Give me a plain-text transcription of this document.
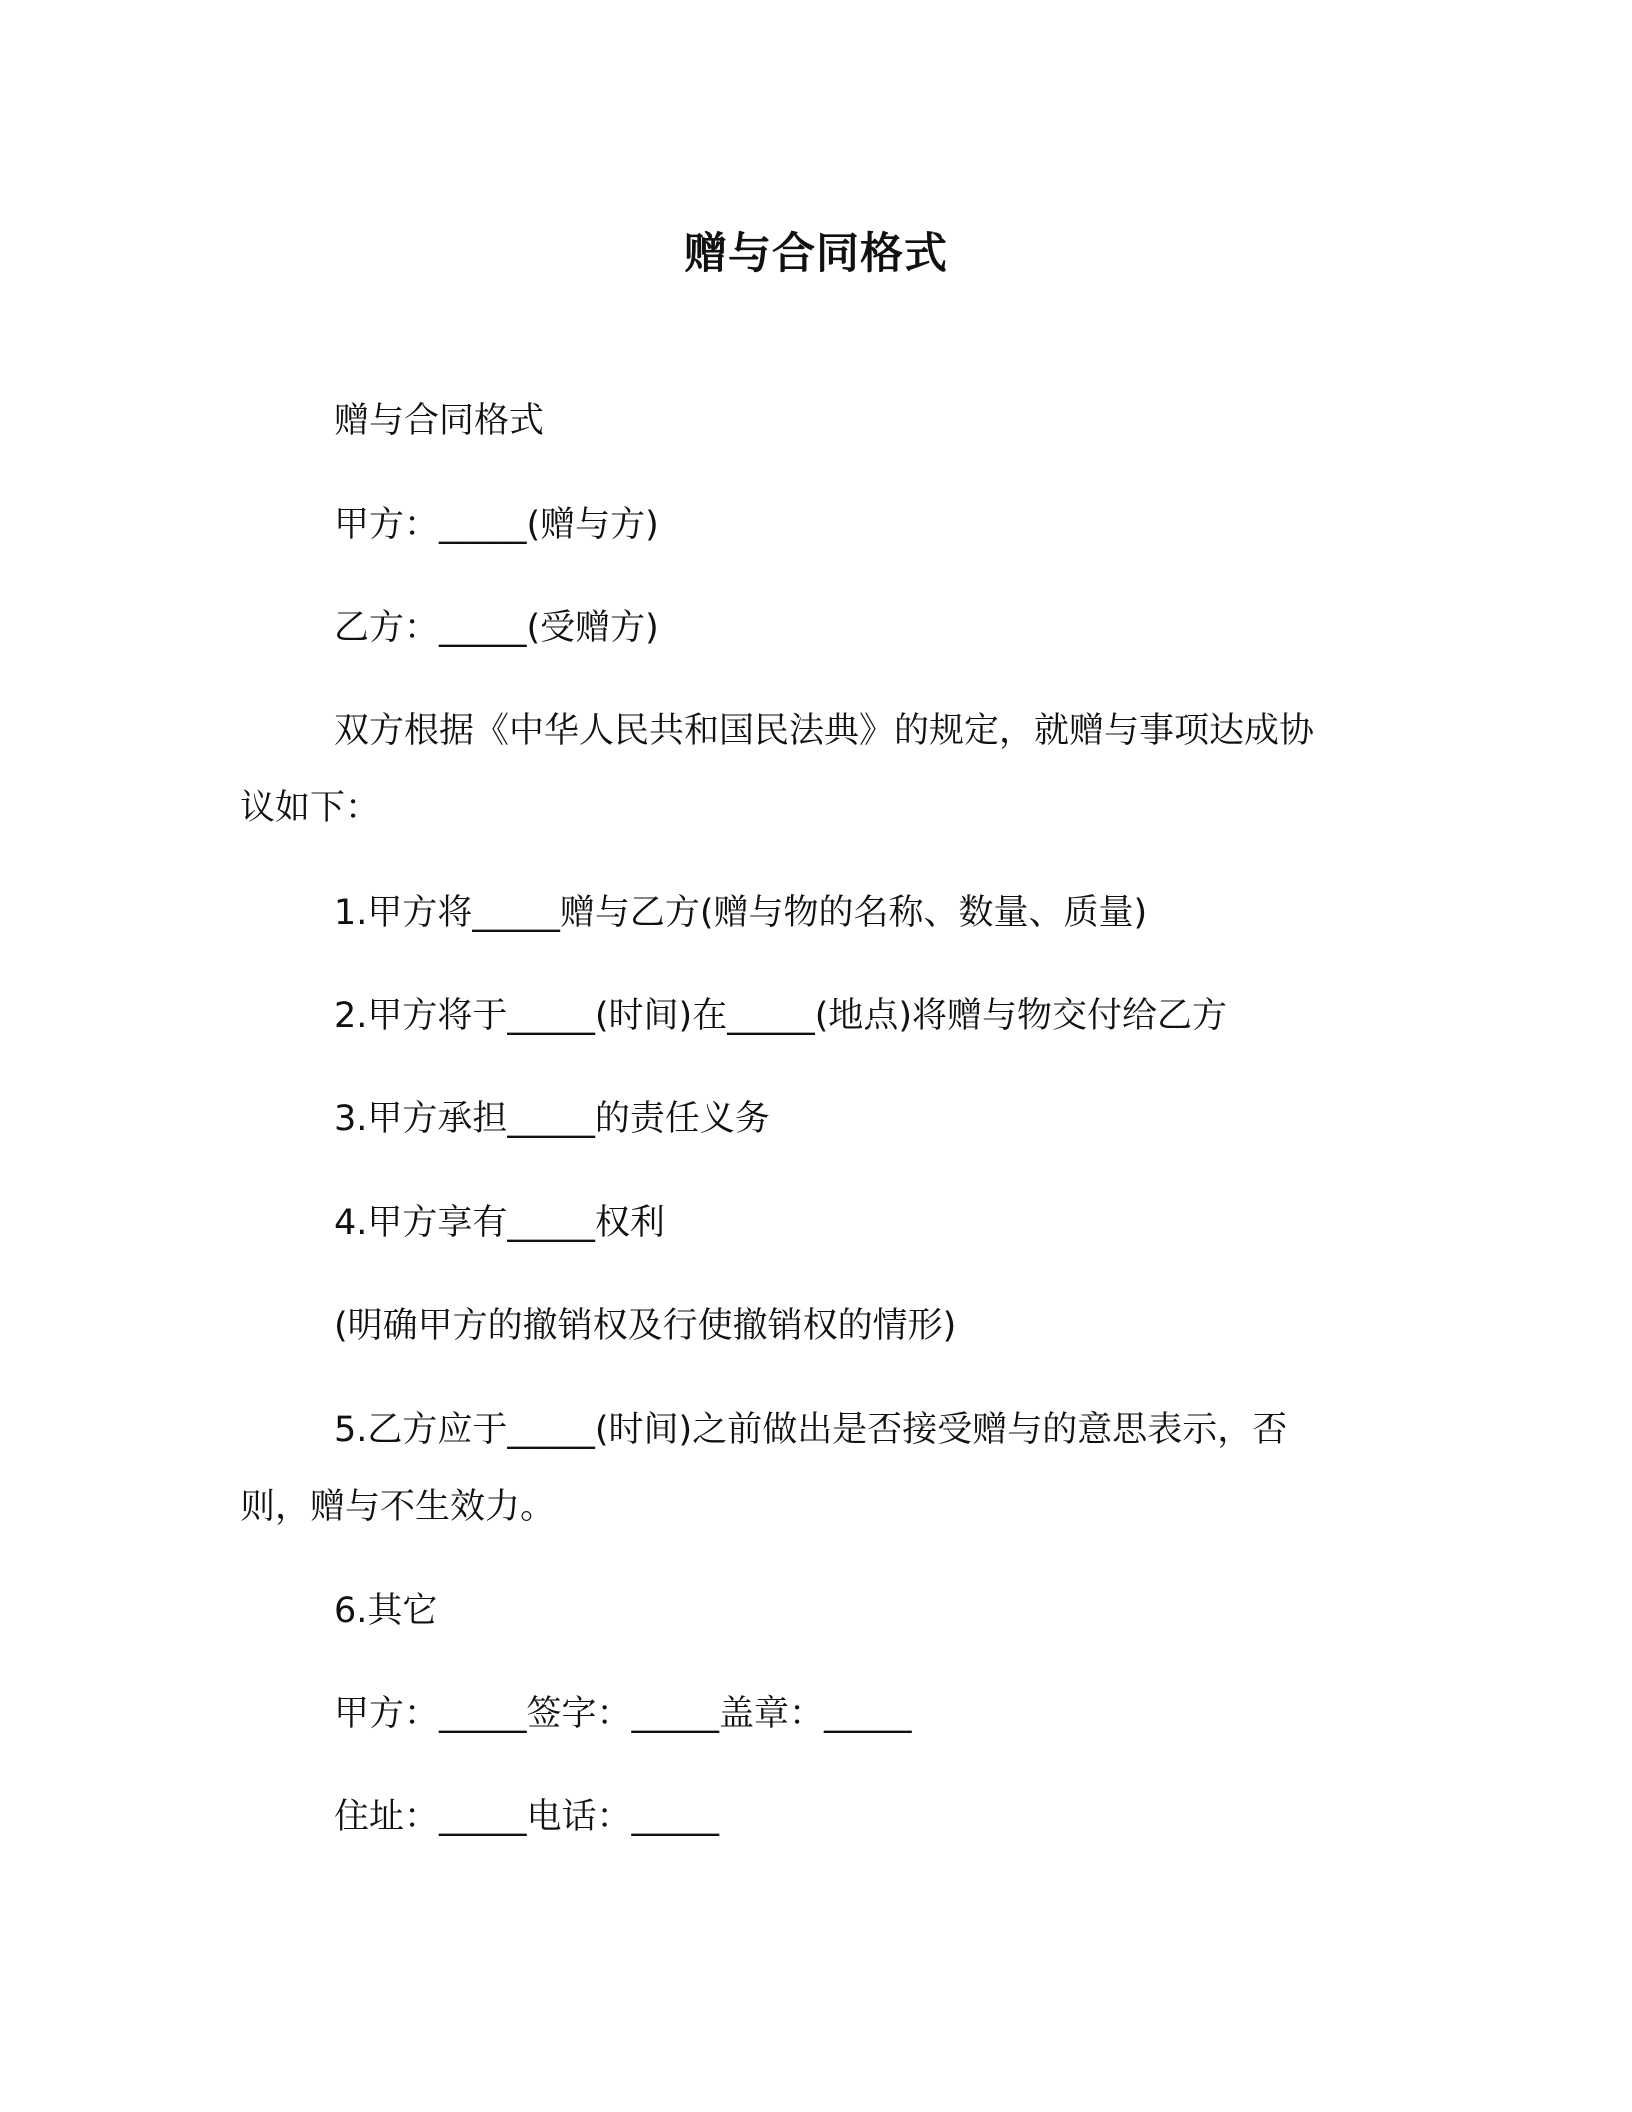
赠与合同格式
赠与合同格式
甲方：_____(赠与方)
乙方：_____(受赠方)
双方根据《中华人民共和国民法典》的规定，就赠与事项达成协
议如下：
1.甲方将_____赠与乙方(赠与物的名称、数量、质量)
2.甲方将于_____(时间)在_____(地点)将赠与物交付给乙方
3.甲方承担_____的责任义务
4.甲方享有_____权利
(明确甲方的撤销权及行使撤销权的情形)
5.乙方应于_____(时间)之前做出是否接受赠与的意思表示，否
则，赠与不生效力。
6.其它
甲方：_____签字：_____盖章：_____
住址：_____电话：_____
